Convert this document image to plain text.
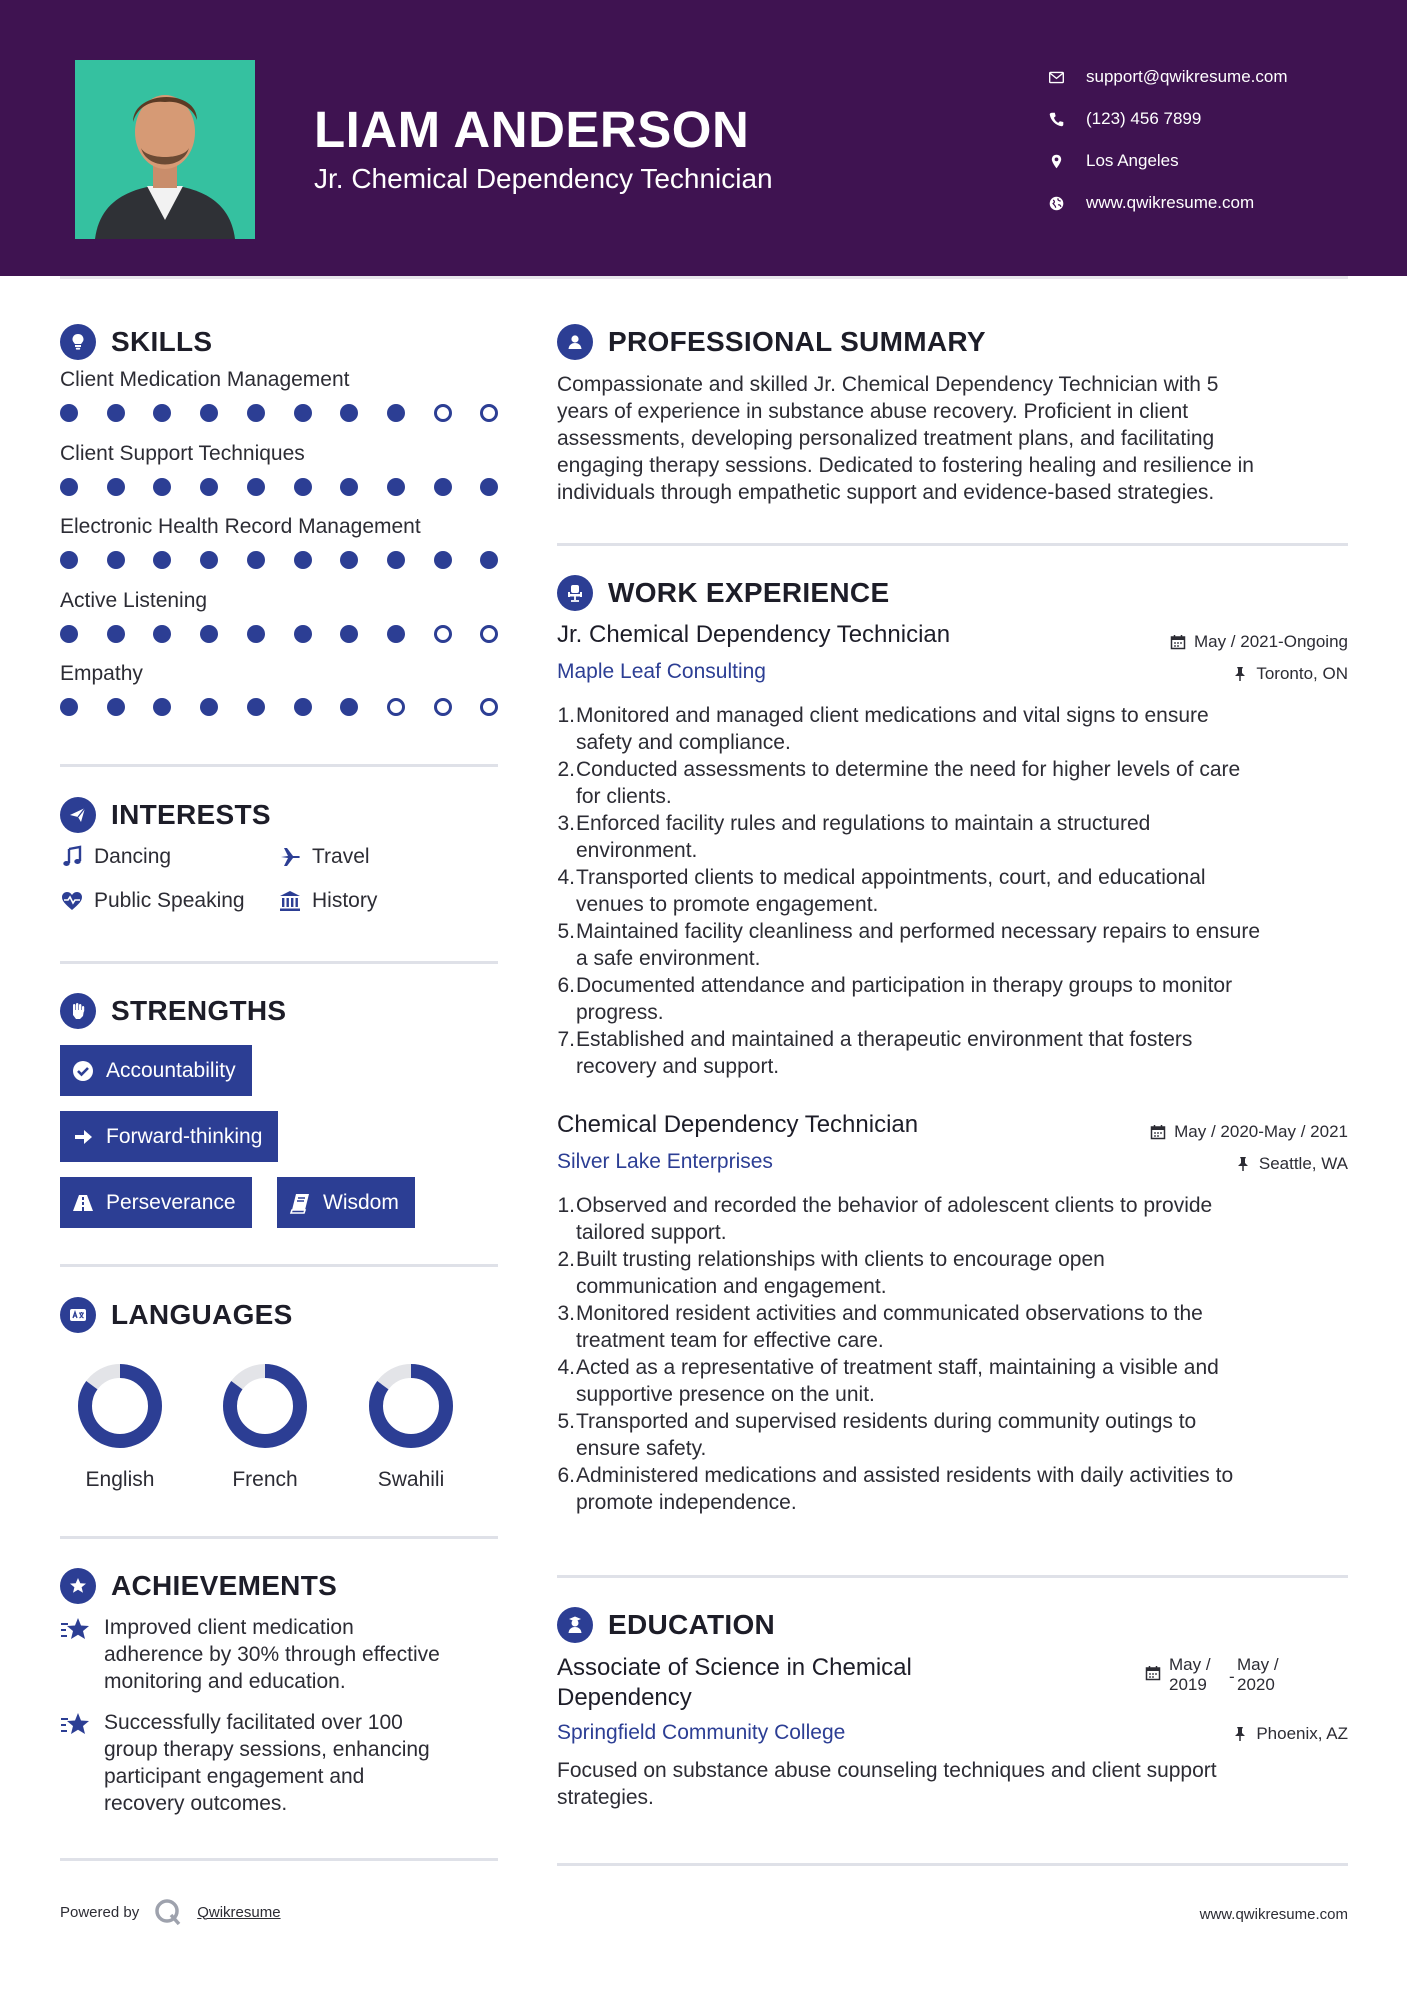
LIAM ANDERSON
Jr. Chemical Dependency Technician
support@qwikresume.com
(123) 456 7899
Los Angeles
www.qwikresume.com
SKILLS
Client Medication Management
Client Support Techniques
Electronic Health Record Management
Active Listening
Empathy
INTERESTS
Dancing	Travel
Public Speaking	History
STRENGTHS
Accountability
Forward-thinking
Perseverance	Wisdom
LANGUAGES
English	French	Swahili
ACHIEVEMENTS
Improved client medication
adherence by 30% through effective
monitoring and education.
Successfully facilitated over 100
group therapy sessions, enhancing
participant engagement and
recovery outcomes.
PROFESSIONAL SUMMARY
Compassionate and skilled Jr. Chemical Dependency Technician with 5
years of experience in substance abuse recovery. Proficient in client
assessments, developing personalized treatment plans, and facilitating
engaging therapy sessions. Dedicated to fostering healing and resilience in
individuals through empathetic support and evidence-based strategies.
WORK EXPERIENCE
Jr. Chemical Dependency Technician	May / 2021-Ongoing
Maple Leaf Consulting	Toronto, ON
1. Monitored and managed client medications and vital signs to ensure
safety and compliance.
2. Conducted assessments to determine the need for higher levels of care
for clients.
3. Enforced facility rules and regulations to maintain a structured
environment.
4. Transported clients to medical appointments, court, and educational
venues to promote engagement.
5. Maintained facility cleanliness and performed necessary repairs to ensure
a safe environment.
6. Documented attendance and participation in therapy groups to monitor
progress.
7. Established and maintained a therapeutic environment that fosters
recovery and support.
Chemical Dependency Technician	May / 2020-May / 2021
Silver Lake Enterprises	Seattle, WA
1. Observed and recorded the behavior of adolescent clients to provide
tailored support.
2. Built trusting relationships with clients to encourage open
communication and engagement.
3. Monitored resident activities and communicated observations to the
treatment team for effective care.
4. Acted as a representative of treatment staff, maintaining a visible and
supportive presence on the unit.
5. Transported and supervised residents during community outings to
ensure safety.
6. Administered medications and assisted residents with daily activities to
promote independence.
EDUCATION
Associate of Science in Chemical
Dependency
May /
2019	-
May /
2020
Springfield Community College	Phoenix, AZ
Focused on substance abuse counseling techniques and client support
strategies.
Powered by	Qwikresume	www.qwikresume.com
